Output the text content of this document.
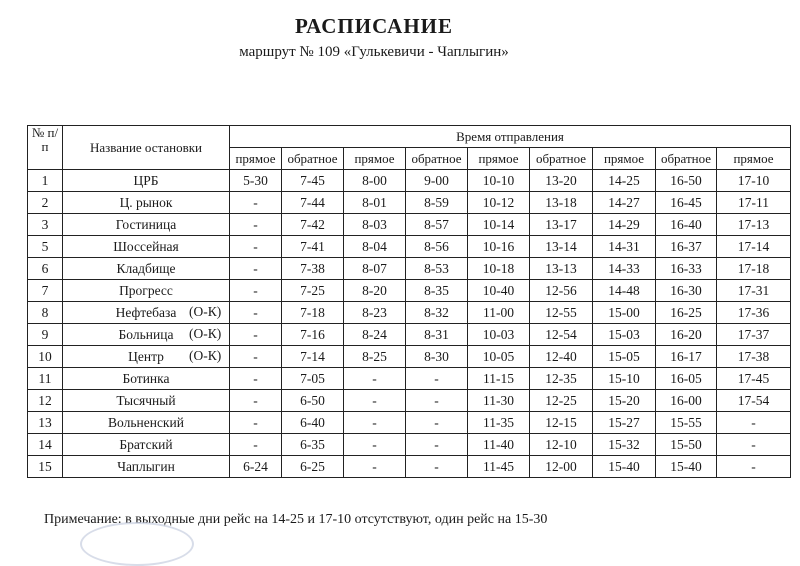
РАСПИСАНИЕ
маршрут № 109 «Гулькевичи - Чаплыгин»
№ п/п	Название остановки	Время отправления								
		прямое	обратное	прямое	обратное	прямое	обратное	прямое	обратное	прямое
1	ЦРБ	5-30	7-45	8-00	9-00	10-10	13-20	14-25	16-50	17-10
2	Ц. рынок	-	7-44	8-01	8-59	10-12	13-18	14-27	16-45	17-11
3	Гостиница	-	7-42	8-03	8-57	10-14	13-17	14-29	16-40	17-13
5	Шоссейная	-	7-41	8-04	8-56	10-16	13-14	14-31	16-37	17-14
6	Кладбище	-	7-38	8-07	8-53	10-18	13-13	14-33	16-33	17-18
7	Прогресс	-	7-25	8-20	8-35	10-40	12-56	14-48	16-30	17-31
8	Нефтебаза (О-К)	-	7-18	8-23	8-32	11-00	12-55	15-00	16-25	17-36
9	Больница (О-К)	-	7-16	8-24	8-31	10-03	12-54	15-03	16-20	17-37
10	Центр (О-К)	-	7-14	8-25	8-30	10-05	12-40	15-05	16-17	17-38
11	Ботинка	-	7-05	-	-	11-15	12-35	15-10	16-05	17-45
12	Тысячный	-	6-50	-	-	11-30	12-25	15-20	16-00	17-54
13	Вольненский	-	6-40	-	-	11-35	12-15	15-27	15-55	-
14	Братский	-	6-35	-	-	11-40	12-10	15-32	15-50	-
15	Чаплыгин	6-24	6-25	-	-	11-45	12-00	15-40	15-40	-
Примечание: в выходные дни рейс на 14-25 и 17-10 отсутствуют, один рейс на 15-30
